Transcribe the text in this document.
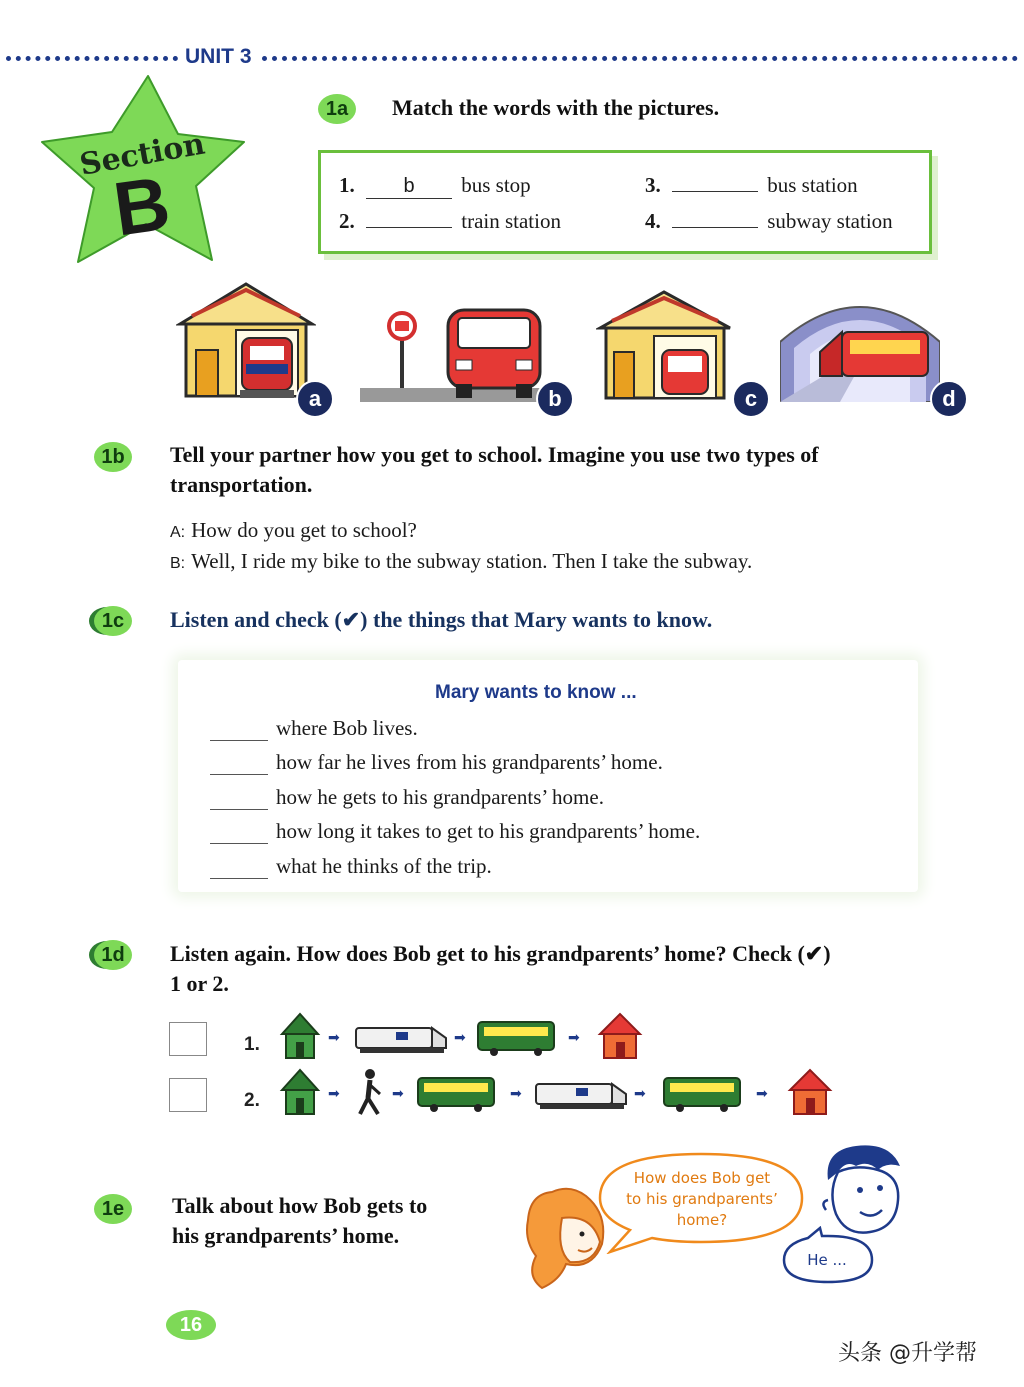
UNIT 3
Section
B
1a	Match the words with the pictures.
1. b bus stop
2.	train station
3.	bus station
4.	subway station
a	b	c	d
1b	Tell your partner how you get to school. Imagine you use two types of
transportation.
A: How do you get to school?
B: Well, I ride my bike to the subway station. Then I take the subway.
1c	Listen and check (✔) the things that Mary wants to know.
Mary wants to know ...
where Bob lives.
how far he lives from his grandparents’ home.
how he gets to his grandparents’ home.
how long it takes to get to his grandparents’ home.
what he thinks of the trip.
1d	Listen again. How does Bob get to his grandparents’ home? Check (✔)
1 or 2.
1.	➡	➡	➡
2.	➡	➡	➡	➡	➡
1e	Talk about how Bob gets to
his grandparents’ home.
How does Bob get
to his grandparents’
home?
He ...
16
头条 @升学帮
